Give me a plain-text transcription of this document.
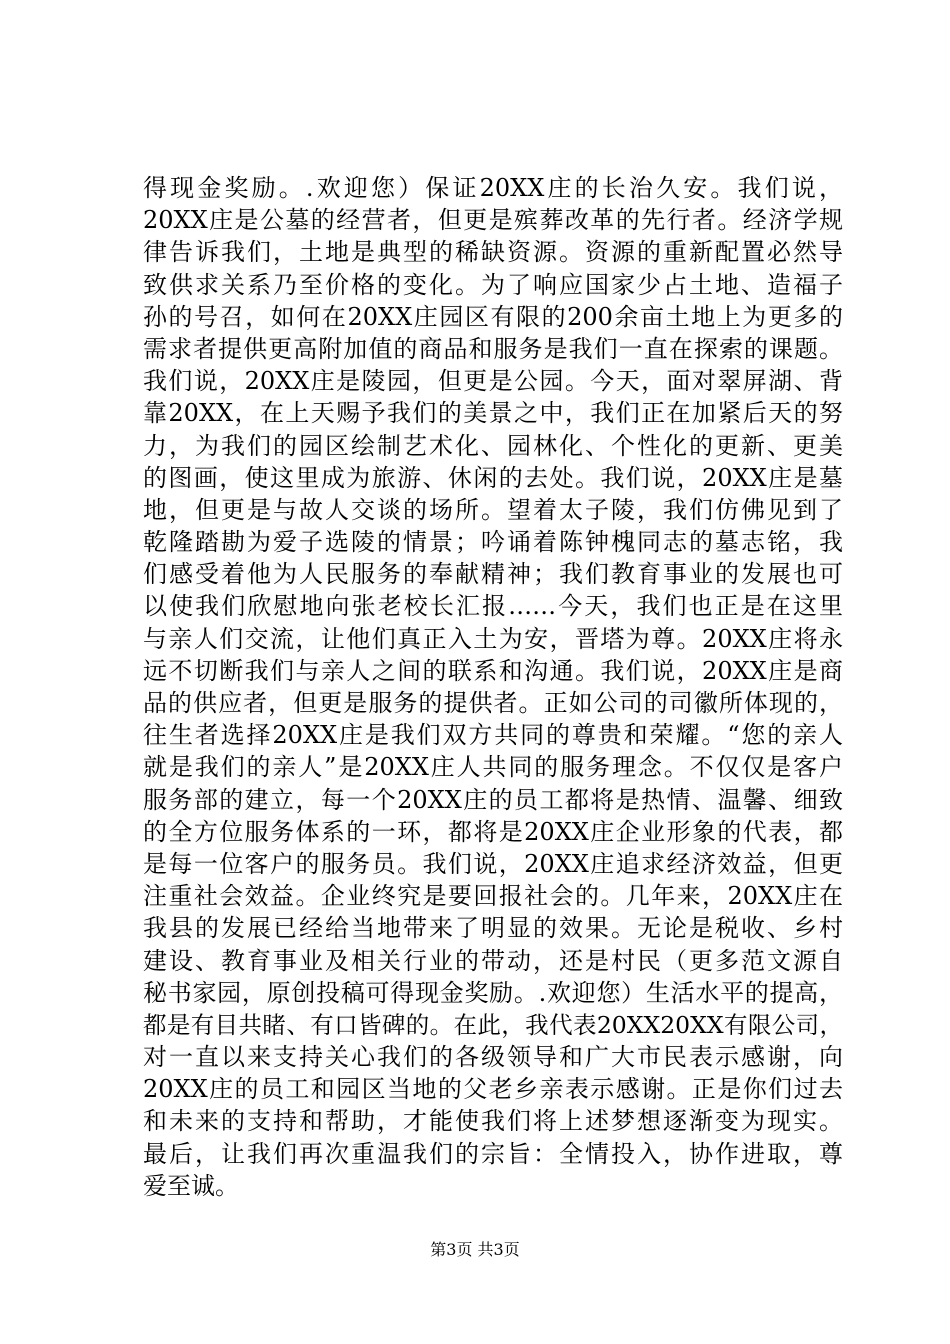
得现金奖励。.欢迎您）保证20XX庄的长治久安。我们说，
20XX庄是公墓的经营者，但更是殡葬改革的先行者。经济学规
律告诉我们，土地是典型的稀缺资源。资源的重新配置必然导
致供求关系乃至价格的变化。为了响应国家少占土地、造福子
孙的号召，如何在20XX庄园区有限的200余亩土地上为更多的
需求者提供更高附加值的商品和服务是我们一直在探索的课题。
我们说，20XX庄是陵园，但更是公园。今天，面对翠屏湖、背
靠20XX，在上天赐予我们的美景之中，我们正在加紧后天的努
力，为我们的园区绘制艺术化、园林化、个性化的更新、更美
的图画，使这里成为旅游、休闲的去处。我们说，20XX庄是墓
地，但更是与故人交谈的场所。望着太子陵，我们仿佛见到了
乾隆踏勘为爱子选陵的情景；吟诵着陈钟槐同志的墓志铭，我
们感受着他为人民服务的奉献精神；我们教育事业的发展也可
以使我们欣慰地向张老校长汇报……今天，我们也正是在这里
与亲人们交流，让他们真正入土为安，晋塔为尊。20XX庄将永
远不切断我们与亲人之间的联系和沟通。我们说，20XX庄是商
品的供应者，但更是服务的提供者。正如公司的司徽所体现的，
往生者选择20XX庄是我们双方共同的尊贵和荣耀。“您的亲人
就是我们的亲人”是20XX庄人共同的服务理念。不仅仅是客户
服务部的建立，每一个20XX庄的员工都将是热情、温馨、细致
的全方位服务体系的一环，都将是20XX庄企业形象的代表，都
是每一位客户的服务员。我们说，20XX庄追求经济效益，但更
注重社会效益。企业终究是要回报社会的。几年来，20XX庄在
我县的发展已经给当地带来了明显的效果。无论是税收、乡村
建设、教育事业及相关行业的带动，还是村民（更多范文源自
秘书家园，原创投稿可得现金奖励。.欢迎您）生活水平的提高，
都是有目共睹、有口皆碑的。在此，我代表20XX20XX有限公司，
对一直以来支持关心我们的各级领导和广大市民表示感谢，向
20XX庄的员工和园区当地的父老乡亲表示感谢。正是你们过去
和未来的支持和帮助，才能使我们将上述梦想逐渐变为现实。
最后，让我们再次重温我们的宗旨：全情投入，协作进取，尊
爱至诚。
第3页 共3页
